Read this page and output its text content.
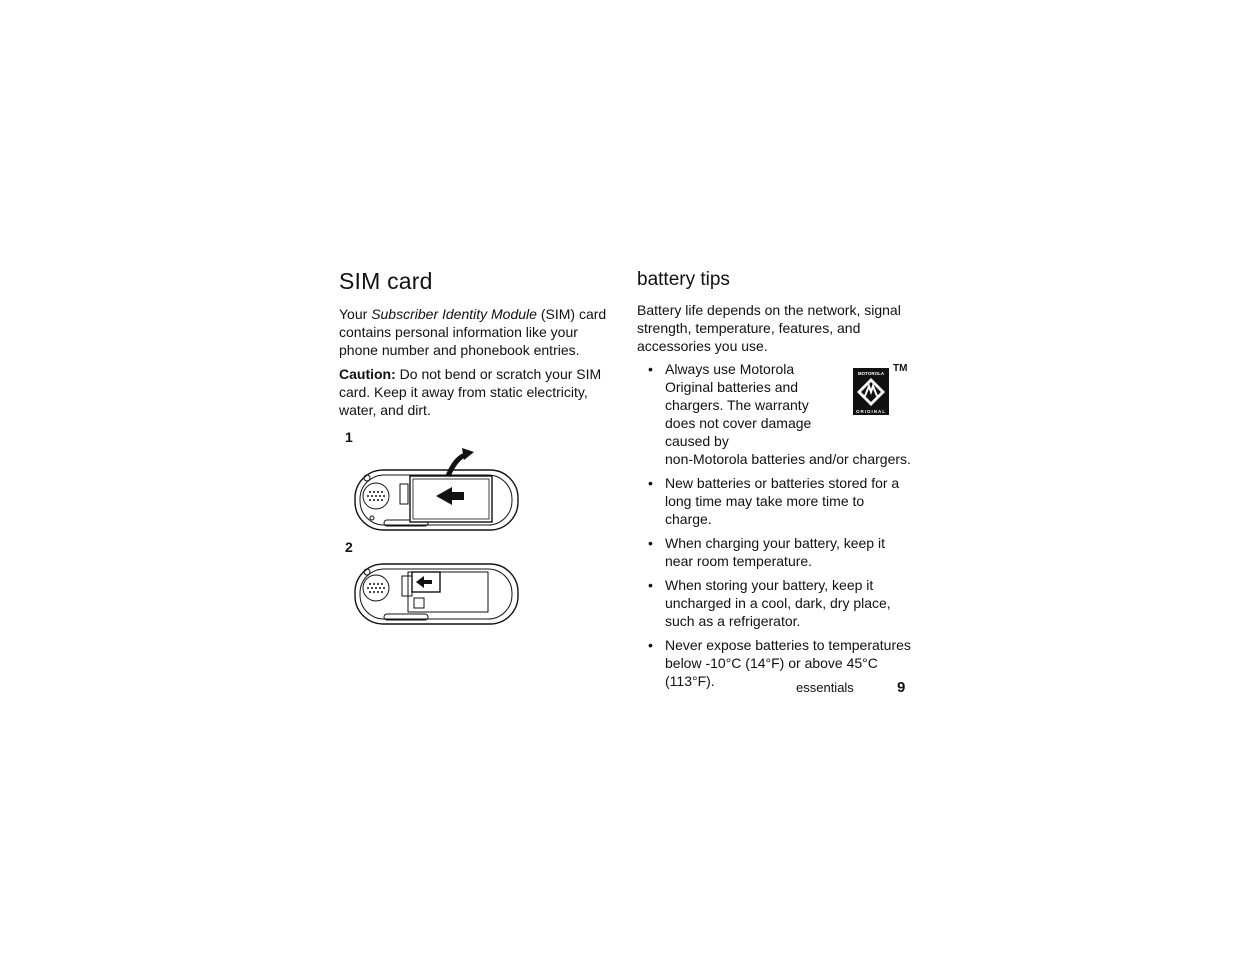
SIM card

Your Subscriber Identity Module (SIM) card contains personal information like your phone number and phonebook entries.

Caution: Do not bend or scratch your SIM card. Keep it away from static electricity, water, and dirt.

1
2
battery tips

Battery life depends on the network, signal strength, temperature, features, and accessories you use.

• Always use Motorola Original batteries and chargers. The warranty does not cover damage caused by
non-Motorola batteries and/or chargers.
• New batteries or batteries stored for a long time may take more time to charge.
• When charging your battery, keep it near room temperature.
• When storing your battery, keep it uncharged in a cool, dark, dry place, such as a refrigerator.
• Never expose batteries to temperatures below -10°C (14°F) or above 45°C (113°F).
MOTOROLA
ORIGINAL
TM
essentials	9
